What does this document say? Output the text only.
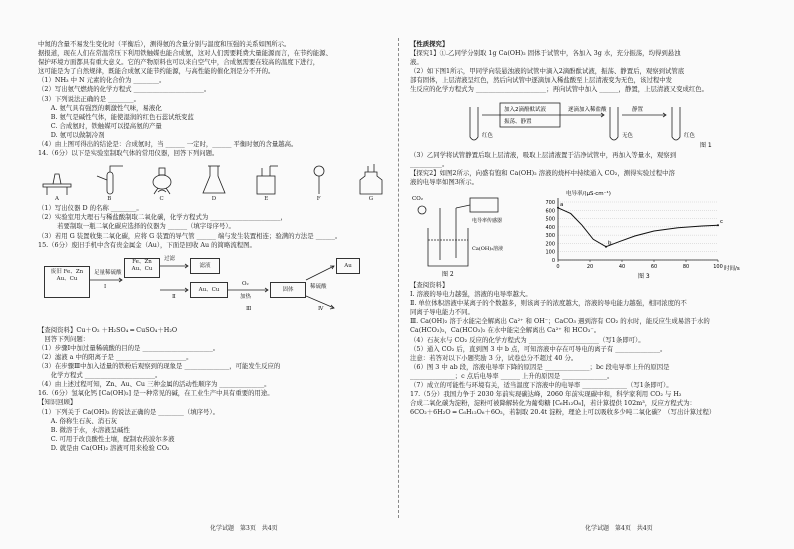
中氮的含量不易发生变化时（平衡后），测得氨的含量分别与温度和压强的关系如图所示。
据报道，现在人们在常温常压下利用铁触媒也能合成氨，这对人们需要耗费大量能源而言，在节约能源、
保护环境方面都具有重大意义。它的产物原料也可以来自空气中，合成氨需要在较高的温度下进行，
这可能是为了自然规律，既能合成氨又能节约能源，与高性能的催化剂是分不开的。
（1）NH₃ 中 N 元素的化合价为 ________。
（2）写出氨气燃烧的化学方程式 ______________________。
（3）下列说法正确的是 ________。
　　A. 氨气具有强烈的刺激性气味，易液化
　　B. 氨气是碱性气体，能使湿润的红色石蕊试纸变蓝
　　C. 合成氨时，铁触媒可以提高氨的产量
　　D. 氨可以做制冷剂
（4）由上图可得出的结论是：合成氨时，当 ______ 一定时，______ 平衡时氨的含量越高。
14.（6分）以下是实验室制取气体的常用仪器，回答下列问题。
A	B	C	D	E	F	G
（1）写出仪器 D 的名称 ________。
（2）实验室用大理石与稀盐酸制取二氧化碳，化学方程式为 ______________________，
　　　若要制取一瓶二氧化碳应选择的仪器为 ______（填字母序号）。
（3）若用 G 装置收集二氧化碳，应将 G 装置的导气管 ______ 端与发生装置相连；验满的方法是 ______。
15.（6分）废旧手机中含有贵金属金（Au），下面是回收 Au 的简略流程图。
废旧 Fe、Zn Au、Cu
Fe、Zn Au、Cu
Au、Cu
滤液
固体
Au
足量稀硫酸
过滤
O₂
加热
稀硫酸
Ⅰ
Ⅱ
Ⅲ	Ⅳ
【查阅资料】Cu＋O₂ ＋H₂SO₄ ═ CuSO₄＋H₂O
　回答下列问题：
（1）步骤Ⅰ中加过量稀硫酸的目的是 ______________________。
（2）滤液 a 中的阳离子是 ______________________。
（3）在步骤Ⅲ中加入适量的铁粉后观察到的现象是 ______________，可能发生反应的
　　化学方程式 ______________________。
（4）由上述过程可知，Zn、Au、Cu 三种金属的活动性顺序为 ______________。
16.（6分）氢氧化钙 [Ca(OH)₂] 是一种常见的碱，在工业生产中具有重要的用途。
【知识回顾】
（1）下列关于 Ca(OH)₂ 的说法正确的是 ________（填序号）。
　　A. 俗称生石灰、消石灰
　　B. 微溶于水，水溶液呈碱性
　　C. 可用于改良酸性土壤，配制农药波尔多液
　　D. 就是由 Ca(OH)₂ 溶液可用来检验 CO₂
【性质探究】
【探究1】①.乙同学分别取 1g Ca(OH)₂ 固体于试管中，各加入 3g 水，充分振荡，均得到悬浊
液。
（2）如下图1所示，甲同学向装悬浊液的试管中滴入2滴酚酞试液，振荡、静置后，观察到试管底
部有固体，上层清液呈红色，然后向试管中逐滴加入稀盐酸至上层清液变为无色，该过程中发
生反应的化学方程式为 ______________________；再向试管中加入 ______，静置，上层清液又变成红色。
加入2滴酚酞试液
振荡、静置
逐滴加入稀盐酸	静置
红色	无色	红色
图 1
（3）乙同学将试管静置后取上层清液，吸取上层清液置于洁净试管中，再加入等量水，观察到
__________。
【探究2】如图2所示，向盛有饱和 Ca(OH)₂ 溶液的烧杯中持续通入 CO₂，测得实验过程中溶
液的电导率如图3所示。
CO₂
电导率传感器
Ca(OH)₂溶液
图 2
电导率/(μS·cm⁻¹)
时间/s
图 3
0
100
200
300
400
500
600
700
0	20	40	60	80	100
a
b
c
【查阅资料】
Ⅰ. 溶液的导电力越强，溶液的电导率越大。
Ⅱ. 单位体积溶液中某离子的个数越多，则该离子的浓度越大，溶液的导电能力越强，相同浓度的不
同离子导电能力不同。
Ⅲ. Ca(OH)₂ 溶于水能完全解离出 Ca²⁺ 和 OH⁻；CaCO₃ 遇到溶有 CO₂ 的水时，能反应生成易溶于水的
Ca(HCO₃)₂，Ca(HCO₃)₂ 在水中能完全解离出 Ca²⁺ 和 HCO₃⁻。
（4）石灰水与 CO₂ 反应的化学方程式为 ______________________（写1条即可）。
（5）通入 CO₂ 后，直到图 3 中 b 点，可知溶液中存在可导电的离子有 ______________。
注意：若答对以下小题奖励 3 分，试卷总分不超过 40 分。
（6）图 3 中 ab 段，溶液电导率下降的原因是 ______________；bc 段电导率上升的原因是
______________；c 点后电导率 ______ 上升的原因是 ______________。
（7）成立的可能性与环境有关，适当温度下溶液中的电导率 ______________（写1条即可）。
17.（5分）我国力争于 2030 年前实现碳达峰，2060 年前实现碳中和，科学家利用 CO₂ 与 H₂
合成二氧化碳为淀粉，淀粉可被降解转化为葡萄糖 [C₆H₁₂O₆]，若计算提供 102m³，反应方程式为：
6CO₂＋6H₂O ═ C₆H₁₂O₆＋6O₂，若制取 20.4t 淀粉，理论上可以吸收多少吨二氧化碳？（写出计算过程）
化学试题　第3页　共4页	化学试题　第4页　共4页
